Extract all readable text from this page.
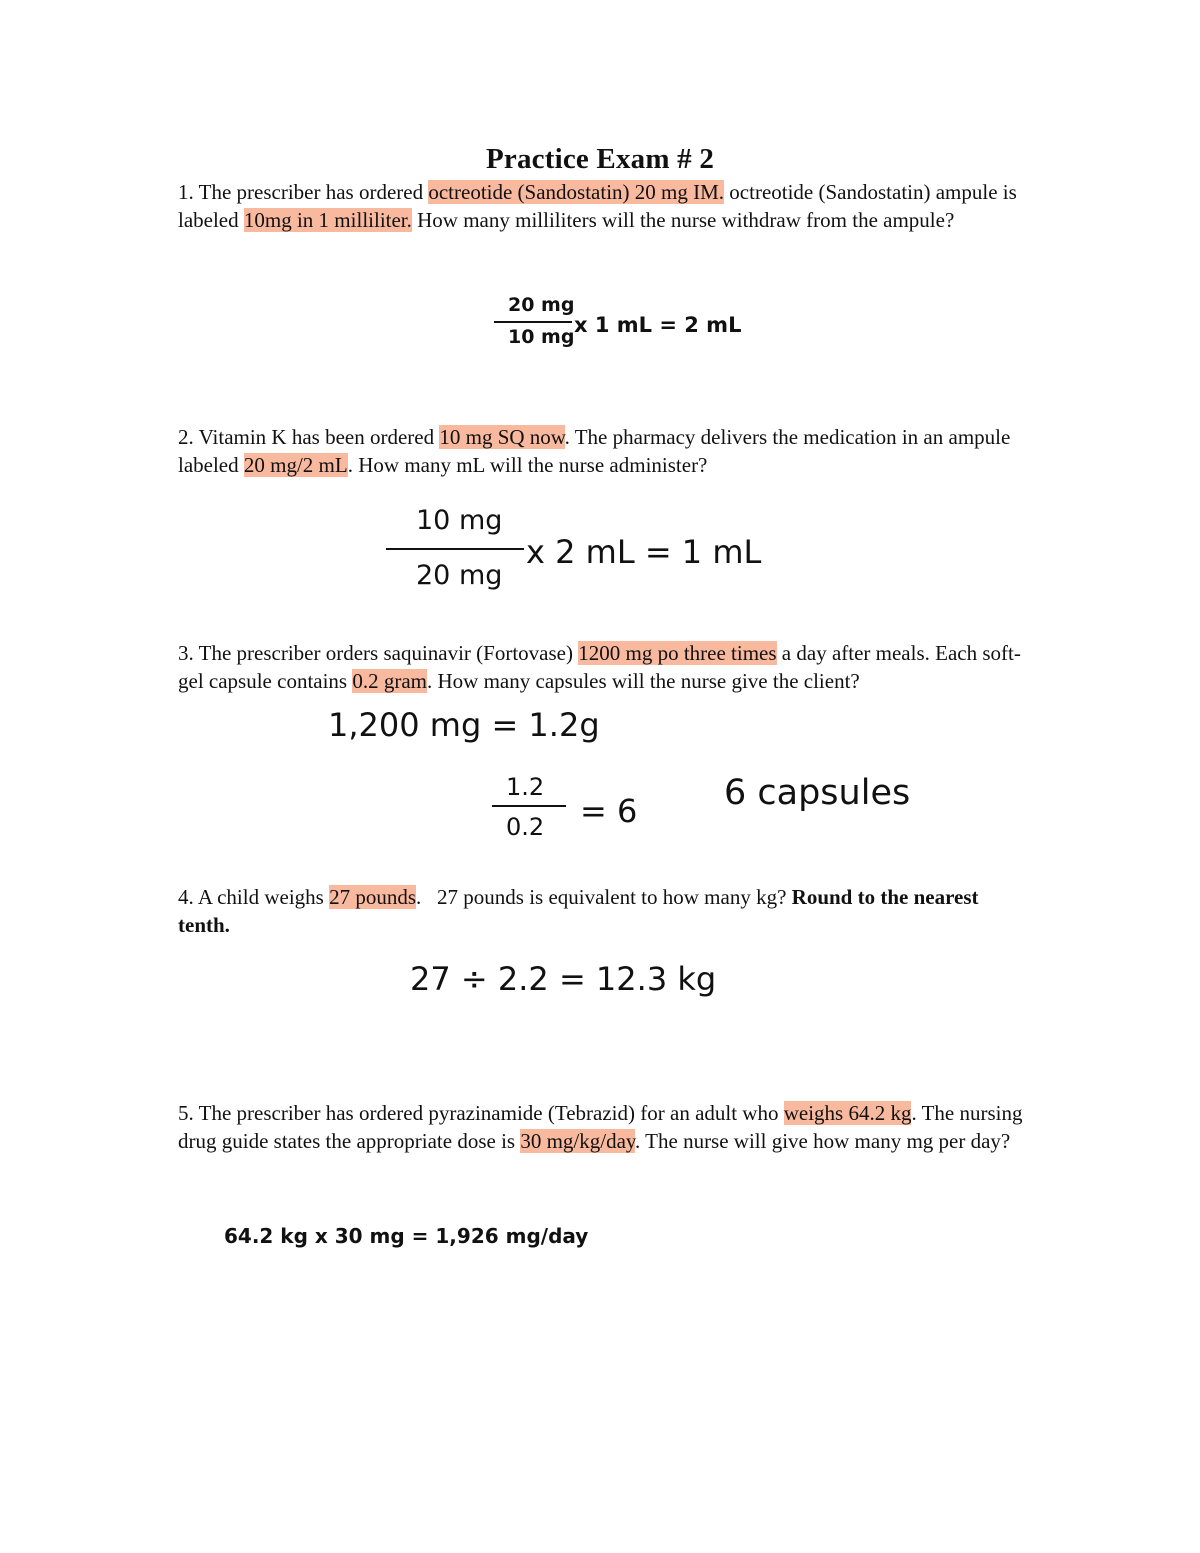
Practice Exam # 2
1. The prescriber has ordered octreotide (Sandostatin) 20 mg IM. octreotide (Sandostatin) ampule is labeled 10mg in 1 milliliter. How many milliliters will the nurse withdraw from the ampule?
20 mg
10 mg x 1 mL = 2 mL
2. Vitamin K has been ordered 10 mg SQ now. The pharmacy delivers the medication in an ampule labeled 20 mg/2 mL. How many mL will the nurse administer?
10 mg
20 mg
x 2 mL = 1 mL
3. The prescriber orders saquinavir (Fortovase) 1200 mg po three times a day after meals. Each soft-gel capsule contains 0.2 gram. How many capsules will the nurse give the client?
1,200 mg = 1.2g
1.2
0.2 = 6 6 capsules
4. A child weighs 27 pounds.   27 pounds is equivalent to how many kg? Round to the nearest tenth.
27 ÷ 2.2 = 12.3 kg
5. The prescriber has ordered pyrazinamide (Tebrazid) for an adult who weighs 64.2 kg. The nursing drug guide states the appropriate dose is 30 mg/kg/day. The nurse will give how many mg per day?
64.2 kg x 30 mg = 1,926 mg/day
